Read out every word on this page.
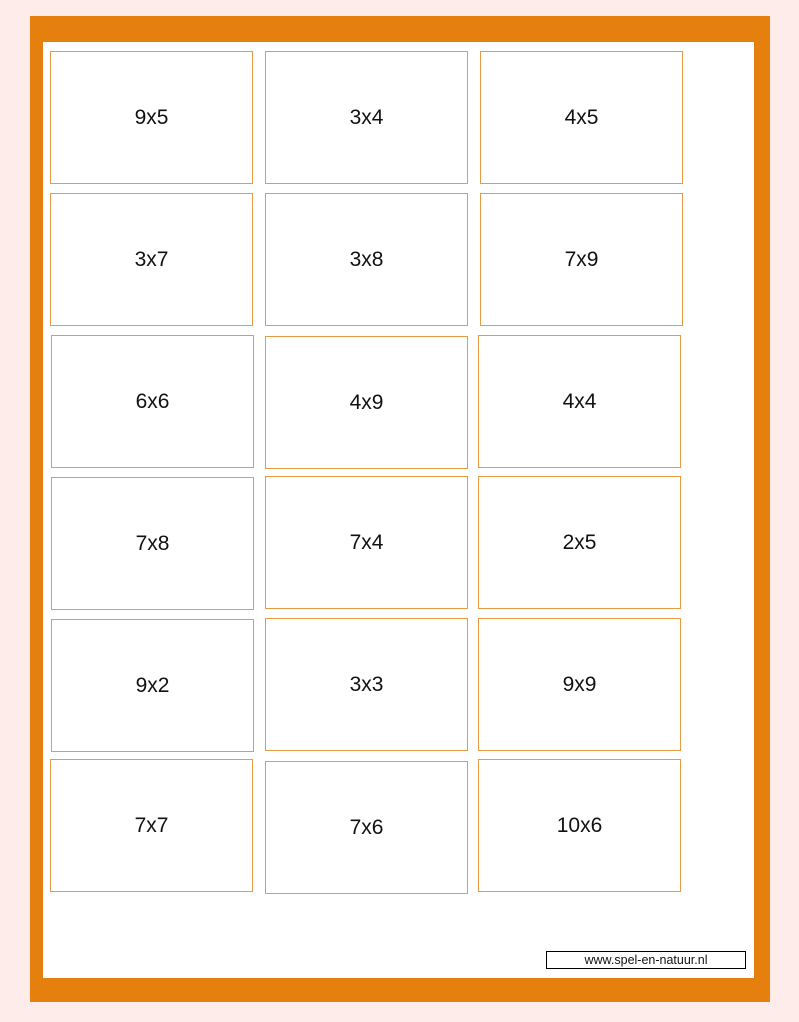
9x5	3x4	4x5
3x7	3x8	7x9
6x6	4x9	4x4
7x8	7x4	2x5
9x2	3x3	9x9
7x7	7x6	10x6
www.spel-en-natuur.nl
